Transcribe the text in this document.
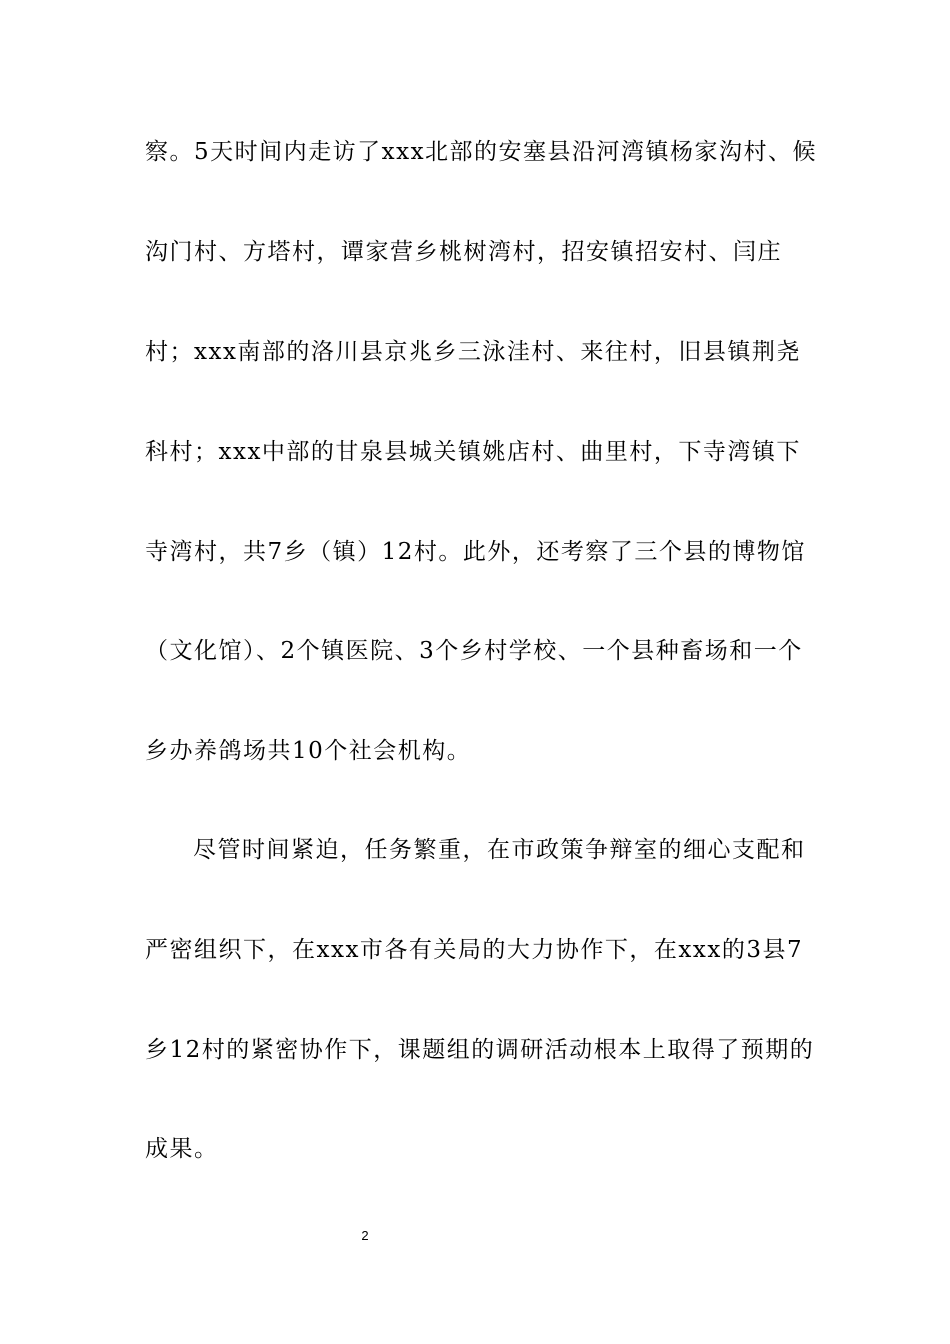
察。5天时间内走访了xxx北部的安塞县沿河湾镇杨家沟村、候
沟门村、方塔村，谭家营乡桃树湾村，招安镇招安村、闫庄
村；xxx南部的洛川县京兆乡三泳洼村、来往村，旧县镇荆尧
科村；xxx中部的甘泉县城关镇姚店村、曲里村，下寺湾镇下
寺湾村，共7乡（镇）12村。此外，还考察了三个县的博物馆
（文化馆）、2个镇医院、3个乡村学校、一个县种畜场和一个
乡办养鸽场共10个社会机构。
尽管时间紧迫，任务繁重，在市政策争辩室的细心支配和
严密组织下，在xxx市各有关局的大力协作下，在xxx的3县7
乡12村的紧密协作下，课题组的调研活动根本上取得了预期的
成果。
2
